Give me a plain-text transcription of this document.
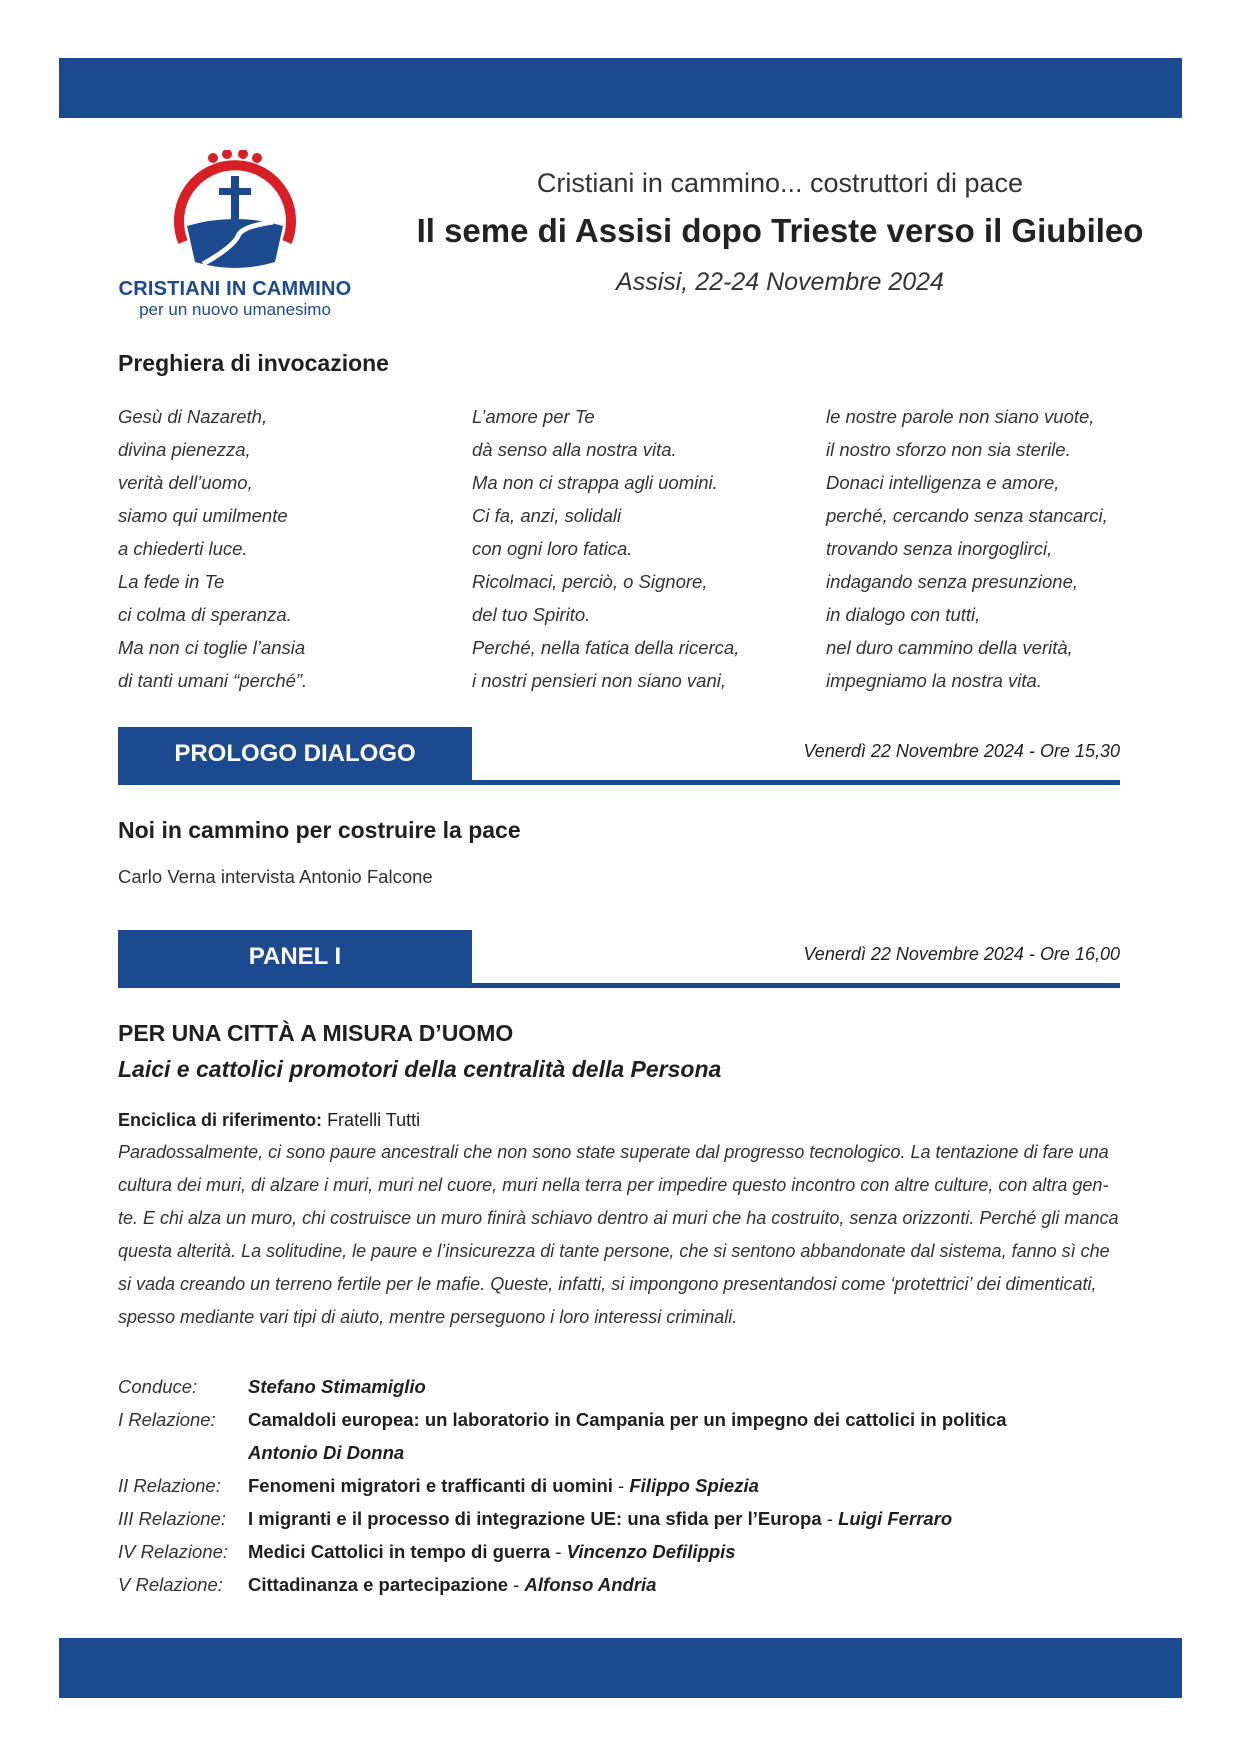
CRISTIANI IN CAMMINO
per un nuovo umanesimo
Cristiani in cammino... costruttori di pace
Il seme di Assisi dopo Trieste verso il Giubileo
Assisi, 22-24 Novembre 2024
Preghiera di invocazione
Gesù di Nazareth,
divina pienezza,
verità dell’uomo,
siamo qui umilmente
a chiederti luce.
La fede in Te
ci colma di speranza.
Ma non ci toglie l’ansia
di tanti umani “perché”.
L’amore per Te
dà senso alla nostra vita.
Ma non ci strappa agli uomini.
Ci fa, anzi, solidali
con ogni loro fatica.
Ricolmaci, perciò, o Signore,
del tuo Spirito.
Perché, nella fatica della ricerca,
i nostri pensieri non siano vani,
le nostre parole non siano vuote,
il nostro sforzo non sia sterile.
Donaci intelligenza e amore,
perché, cercando senza stancarci,
trovando senza inorgoglirci,
indagando senza presunzione,
in dialogo con tutti,
nel duro cammino della verità,
impegniamo la nostra vita.
PROLOGO DIALOGO	Venerdì 22 Novembre 2024 - Ore 15,30
Noi in cammino per costruire la pace
Carlo Verna intervista Antonio Falcone
PANEL I	Venerdì 22 Novembre 2024 - Ore 16,00
PER UNA CITTÀ A MISURA D’UOMO
Laici e cattolici promotori della centralità della Persona
Enciclica di riferimento: Fratelli Tutti
Paradossalmente, ci sono paure ancestrali che non sono state superate dal progresso tecnologico. La tentazione di fare una
cultura dei muri, di alzare i muri, muri nel cuore, muri nella terra per impedire questo incontro con altre culture, con altra gen-
te. E chi alza un muro, chi costruisce un muro finirà schiavo dentro ai muri che ha costruito, senza orizzonti. Perché gli manca
questa alterità. La solitudine, le paure e l’insicurezza di tante persone, che si sentono abbandonate dal sistema, fanno sì che
si vada creando un terreno fertile per le mafie. Queste, infatti, si impongono presentandosi come ‘protettrici’ dei dimenticati,
spesso mediante vari tipi di aiuto, mentre perseguono i loro interessi criminali.
Conduce:	Stefano Stimamiglio
I Relazione: Camaldoli europea: un laboratorio in Campania per un impegno dei cattolici in politica
Antonio Di Donna
II Relazione: Fenomeni migratori e trafficanti di uomini - Filippo Spiezia
III Relazione: I migranti e il processo di integrazione UE: una sfida per l’Europa - Luigi Ferraro
IV Relazione: Medici Cattolici in tempo di guerra - Vincenzo Defilippis
V Relazione: Cittadinanza e partecipazione - Alfonso Andria
